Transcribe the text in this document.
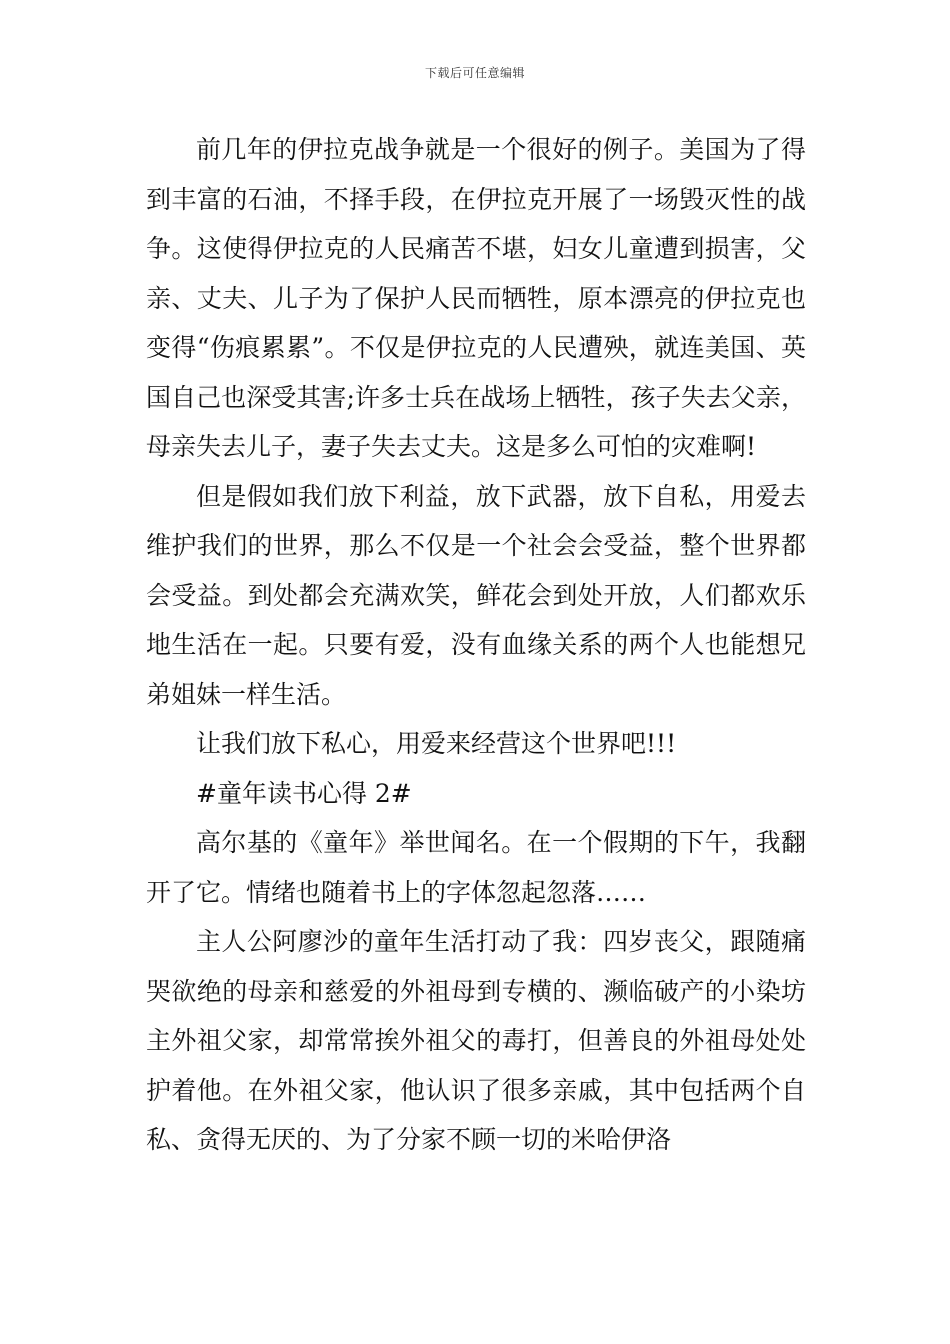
下载后可任意编辑

前几年的伊拉克战争就是一个很好的例子。美国为了得到丰富的石油，不择手段，在伊拉克开展了一场毁灭性的战争。这使得伊拉克的人民痛苦不堪，妇女儿童遭到损害，父亲、丈夫、儿子为了保护人民而牺牲，原本漂亮的伊拉克也变得“伤痕累累”。不仅是伊拉克的人民遭殃，就连美国、英国自己也深受其害;许多士兵在战场上牺牲，孩子失去父亲，母亲失去儿子，妻子失去丈夫。这是多么可怕的灾难啊!

但是假如我们放下利益，放下武器，放下自私，用爱去维护我们的世界，那么不仅是一个社会会受益，整个世界都会受益。到处都会充满欢笑，鲜花会到处开放，人们都欢乐地生活在一起。只要有爱，没有血缘关系的两个人也能想兄弟姐妹一样生活。

让我们放下私心，用爱来经营这个世界吧!!!

#童年读书心得 2#

高尔基的《童年》举世闻名。在一个假期的下午，我翻开了它。情绪也随着书上的字体忽起忽落……

主人公阿廖沙的童年生活打动了我：四岁丧父，跟随痛哭欲绝的母亲和慈爱的外祖母到专横的、濒临破产的小染坊主外祖父家，却常常挨外祖父的毒打，但善良的外祖母处处护着他。在外祖父家，他认识了很多亲戚，其中包括两个自私、贪得无厌的、为了分家不顾一切的米哈伊洛
